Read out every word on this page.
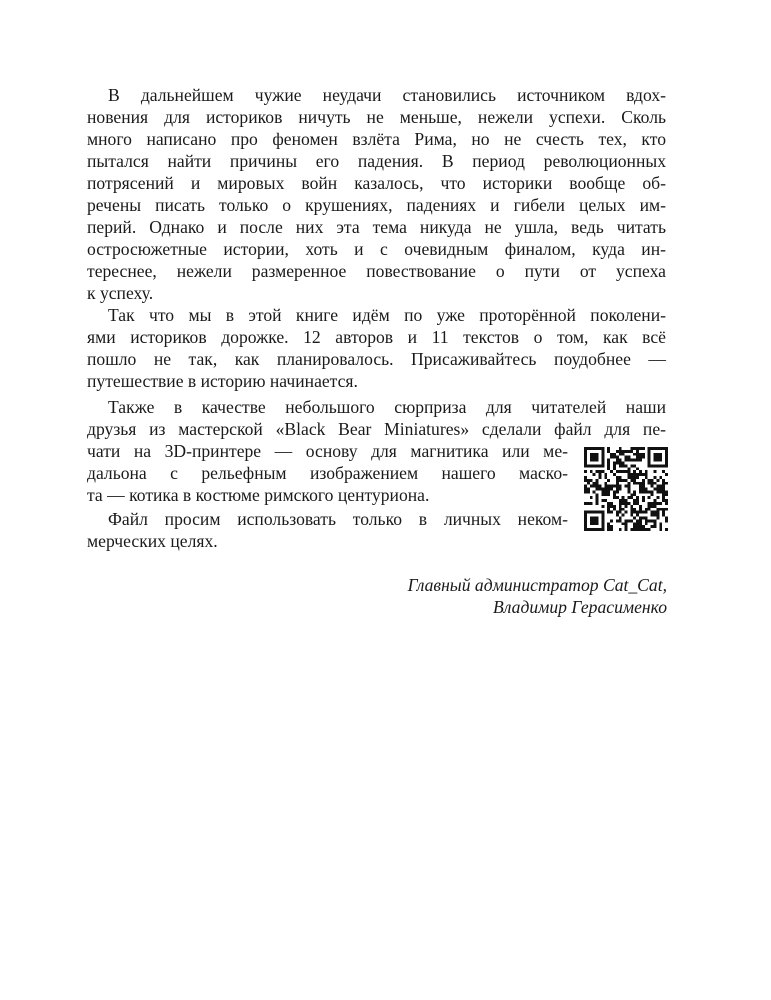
В дальнейшем чужие неудачи становились источником вдох-
новения для историков ничуть не меньше, нежели успехи. Сколь
много написано про феномен взлёта Рима, но не счесть тех, кто
пытался найти причины его падения. В период революционных
потрясений и мировых войн казалось, что историки вообще об-
речены писать только о крушениях, падениях и гибели целых им-
перий. Однако и после них эта тема никуда не ушла, ведь читать
остросюжетные истории, хоть и с очевидным финалом, куда ин-
тереснее, нежели размеренное повествование о пути от успеха
к успеху.
Так что мы в этой книге идём по уже проторённой поколени-
ями историков дорожке. 12 авторов и 11 текстов о том, как всё
пошло не так, как планировалось. Присаживайтесь поудобнее —
путешествие в историю начинается.
Также в качестве небольшого сюрприза для читателей наши
друзья из мастерской «Black Bear Miniatures» сделали файл для пе-
чати на 3D-принтере — основу для магнитика или ме-
дальона с рельефным изображением нашего маско-
та — котика в костюме римского центуриона.
Файл просим использовать только в личных неком-
мерческих целях.
Главный администратор Cat_Cat,
Владимир Герасименко
